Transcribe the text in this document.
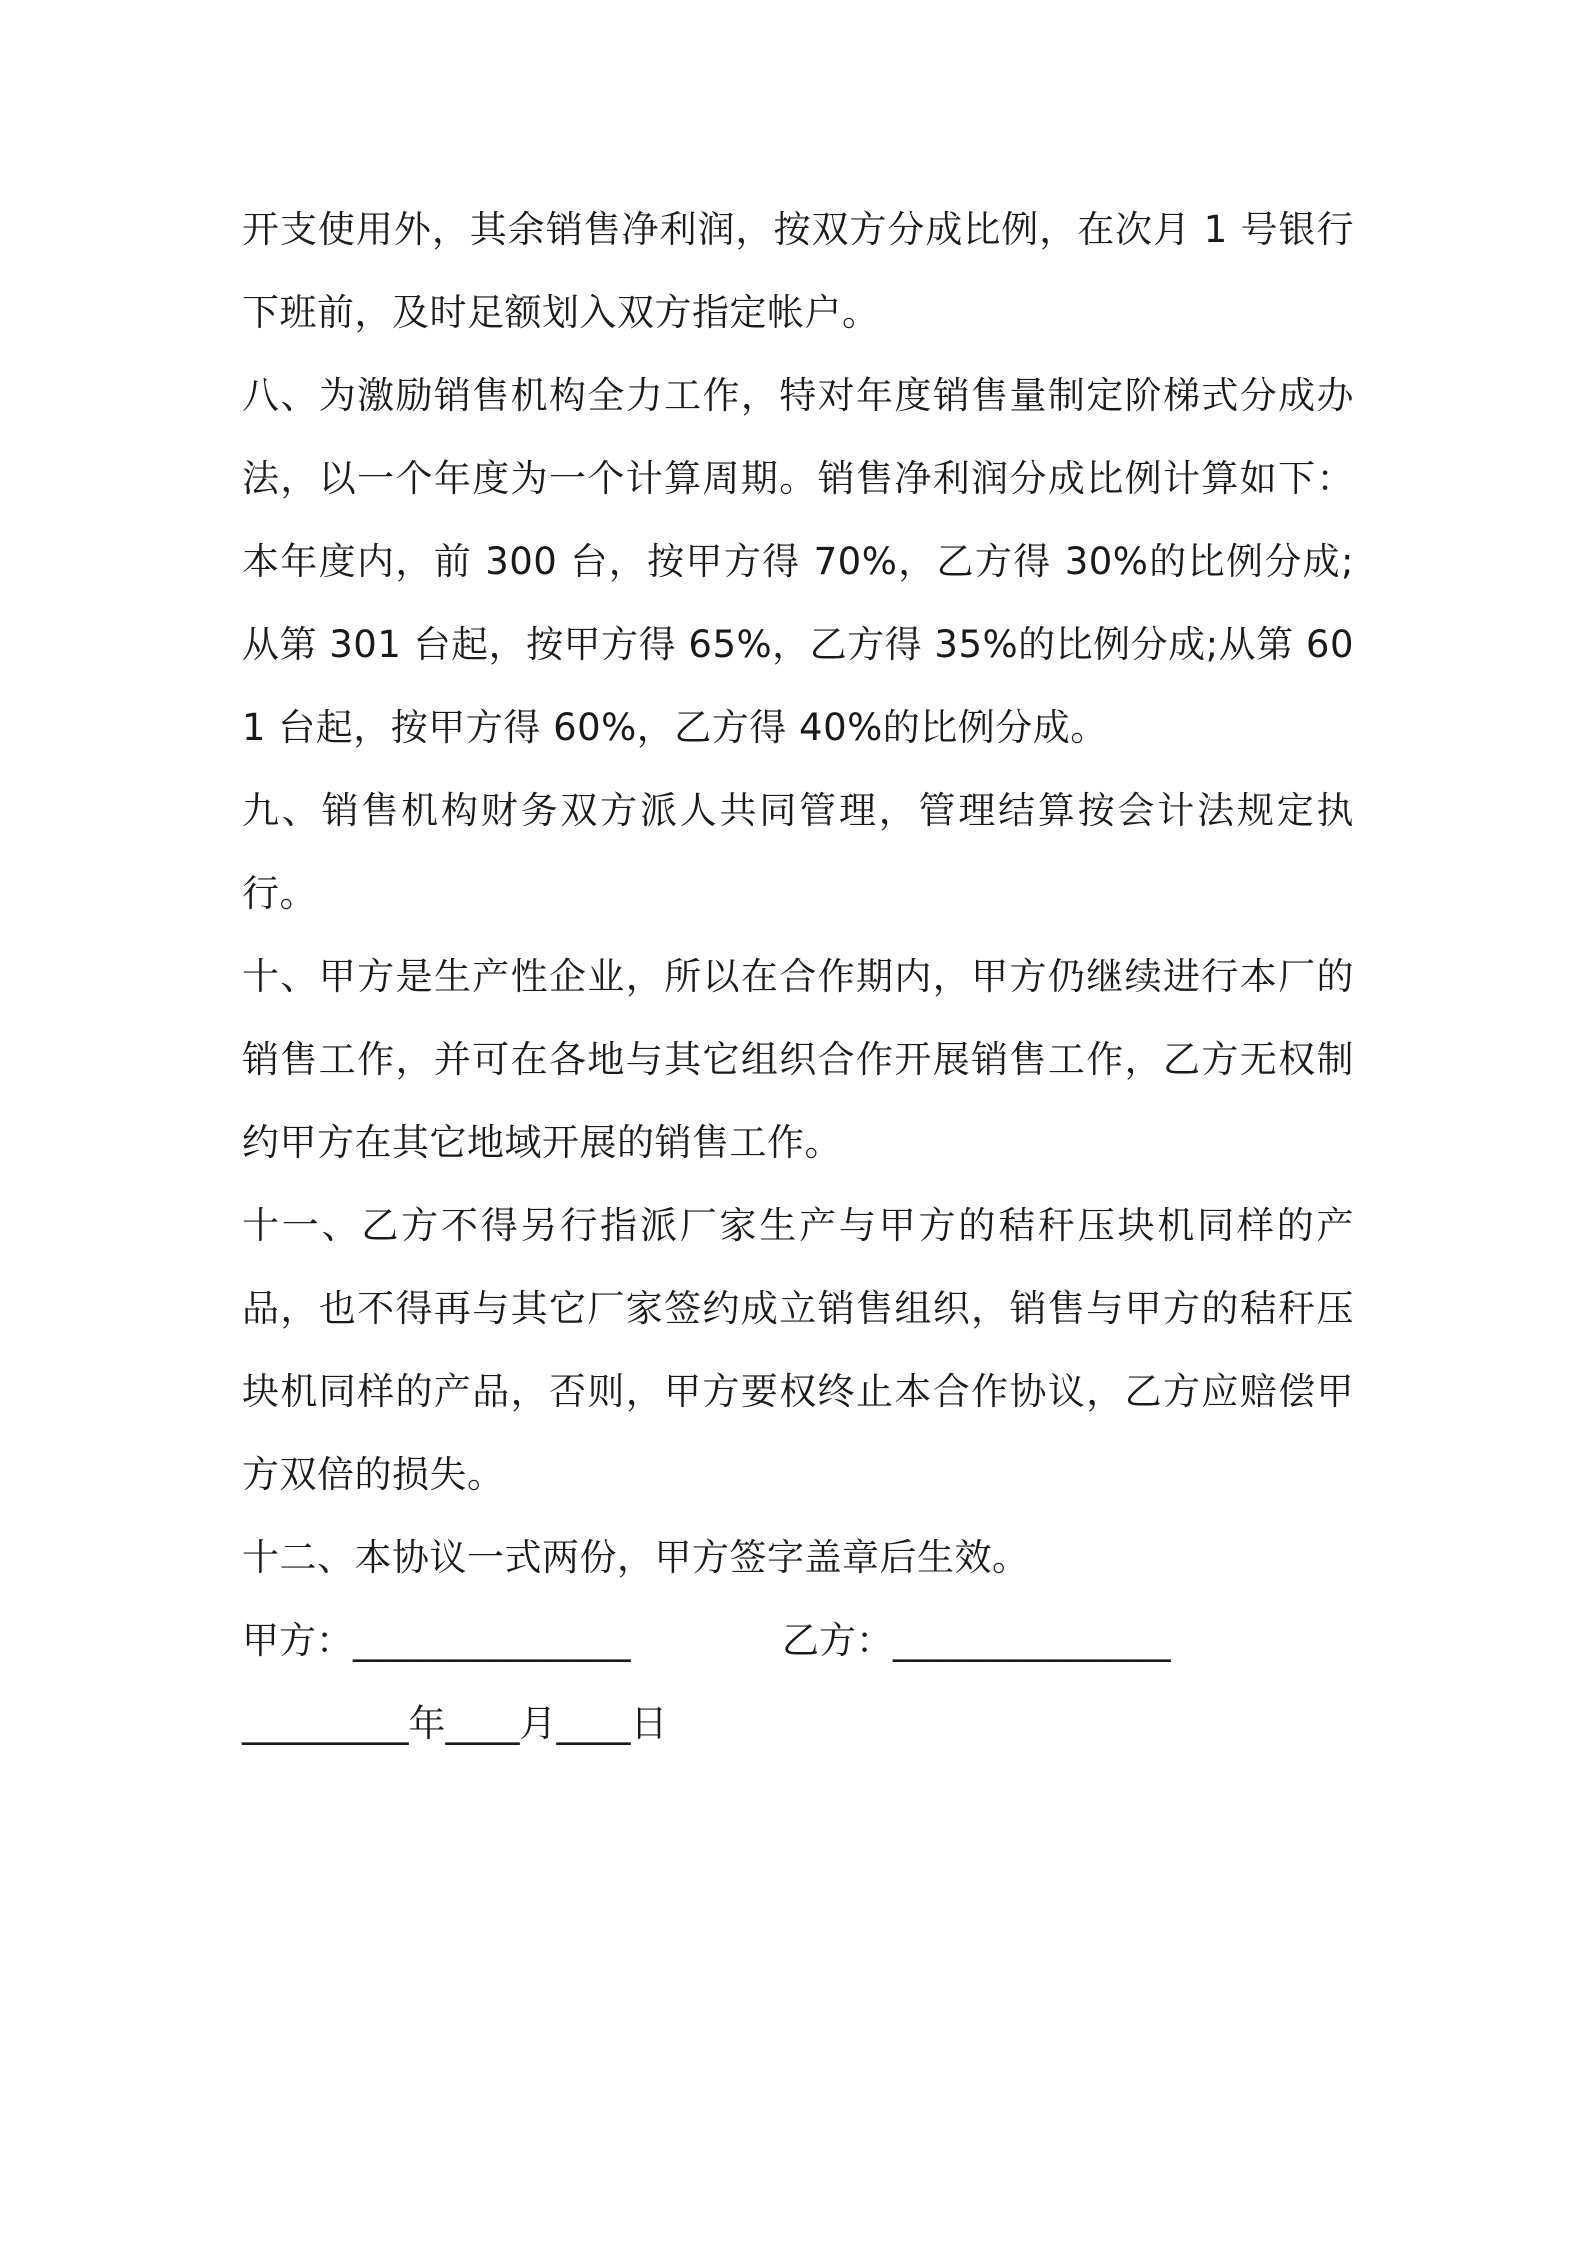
开支使用外，其余销售净利润，按双方分成比例，在次月 1 号银行下班前，及时足额划入双方指定帐户。

八、为激励销售机构全力工作，特对年度销售量制定阶梯式分成办法，以一个年度为一个计算周期。销售净利润分成比例计算如下：本年度内，前 300 台，按甲方得 70%，乙方得 30%的比例分成;从第 301 台起，按甲方得 65%，乙方得 35%的比例分成;从第 601 台起，按甲方得 60%，乙方得 40%的比例分成。

九、销售机构财务双方派人共同管理，管理结算按会计法规定执行。

十、甲方是生产性企业，所以在合作期内，甲方仍继续进行本厂的销售工作，并可在各地与其它组织合作开展销售工作，乙方无权制约甲方在其它地域开展的销售工作。

十一、乙方不得另行指派厂家生产与甲方的秸秆压块机同样的产品，也不得再与其它厂家签约成立销售组织，销售与甲方的秸秆压块机同样的产品，否则，甲方要权终止本合作协议，乙方应赔偿甲方双倍的损失。

十二、本协议一式两份，甲方签字盖章后生效。

甲方：_______________	乙方：_______________

_________年____月____日
